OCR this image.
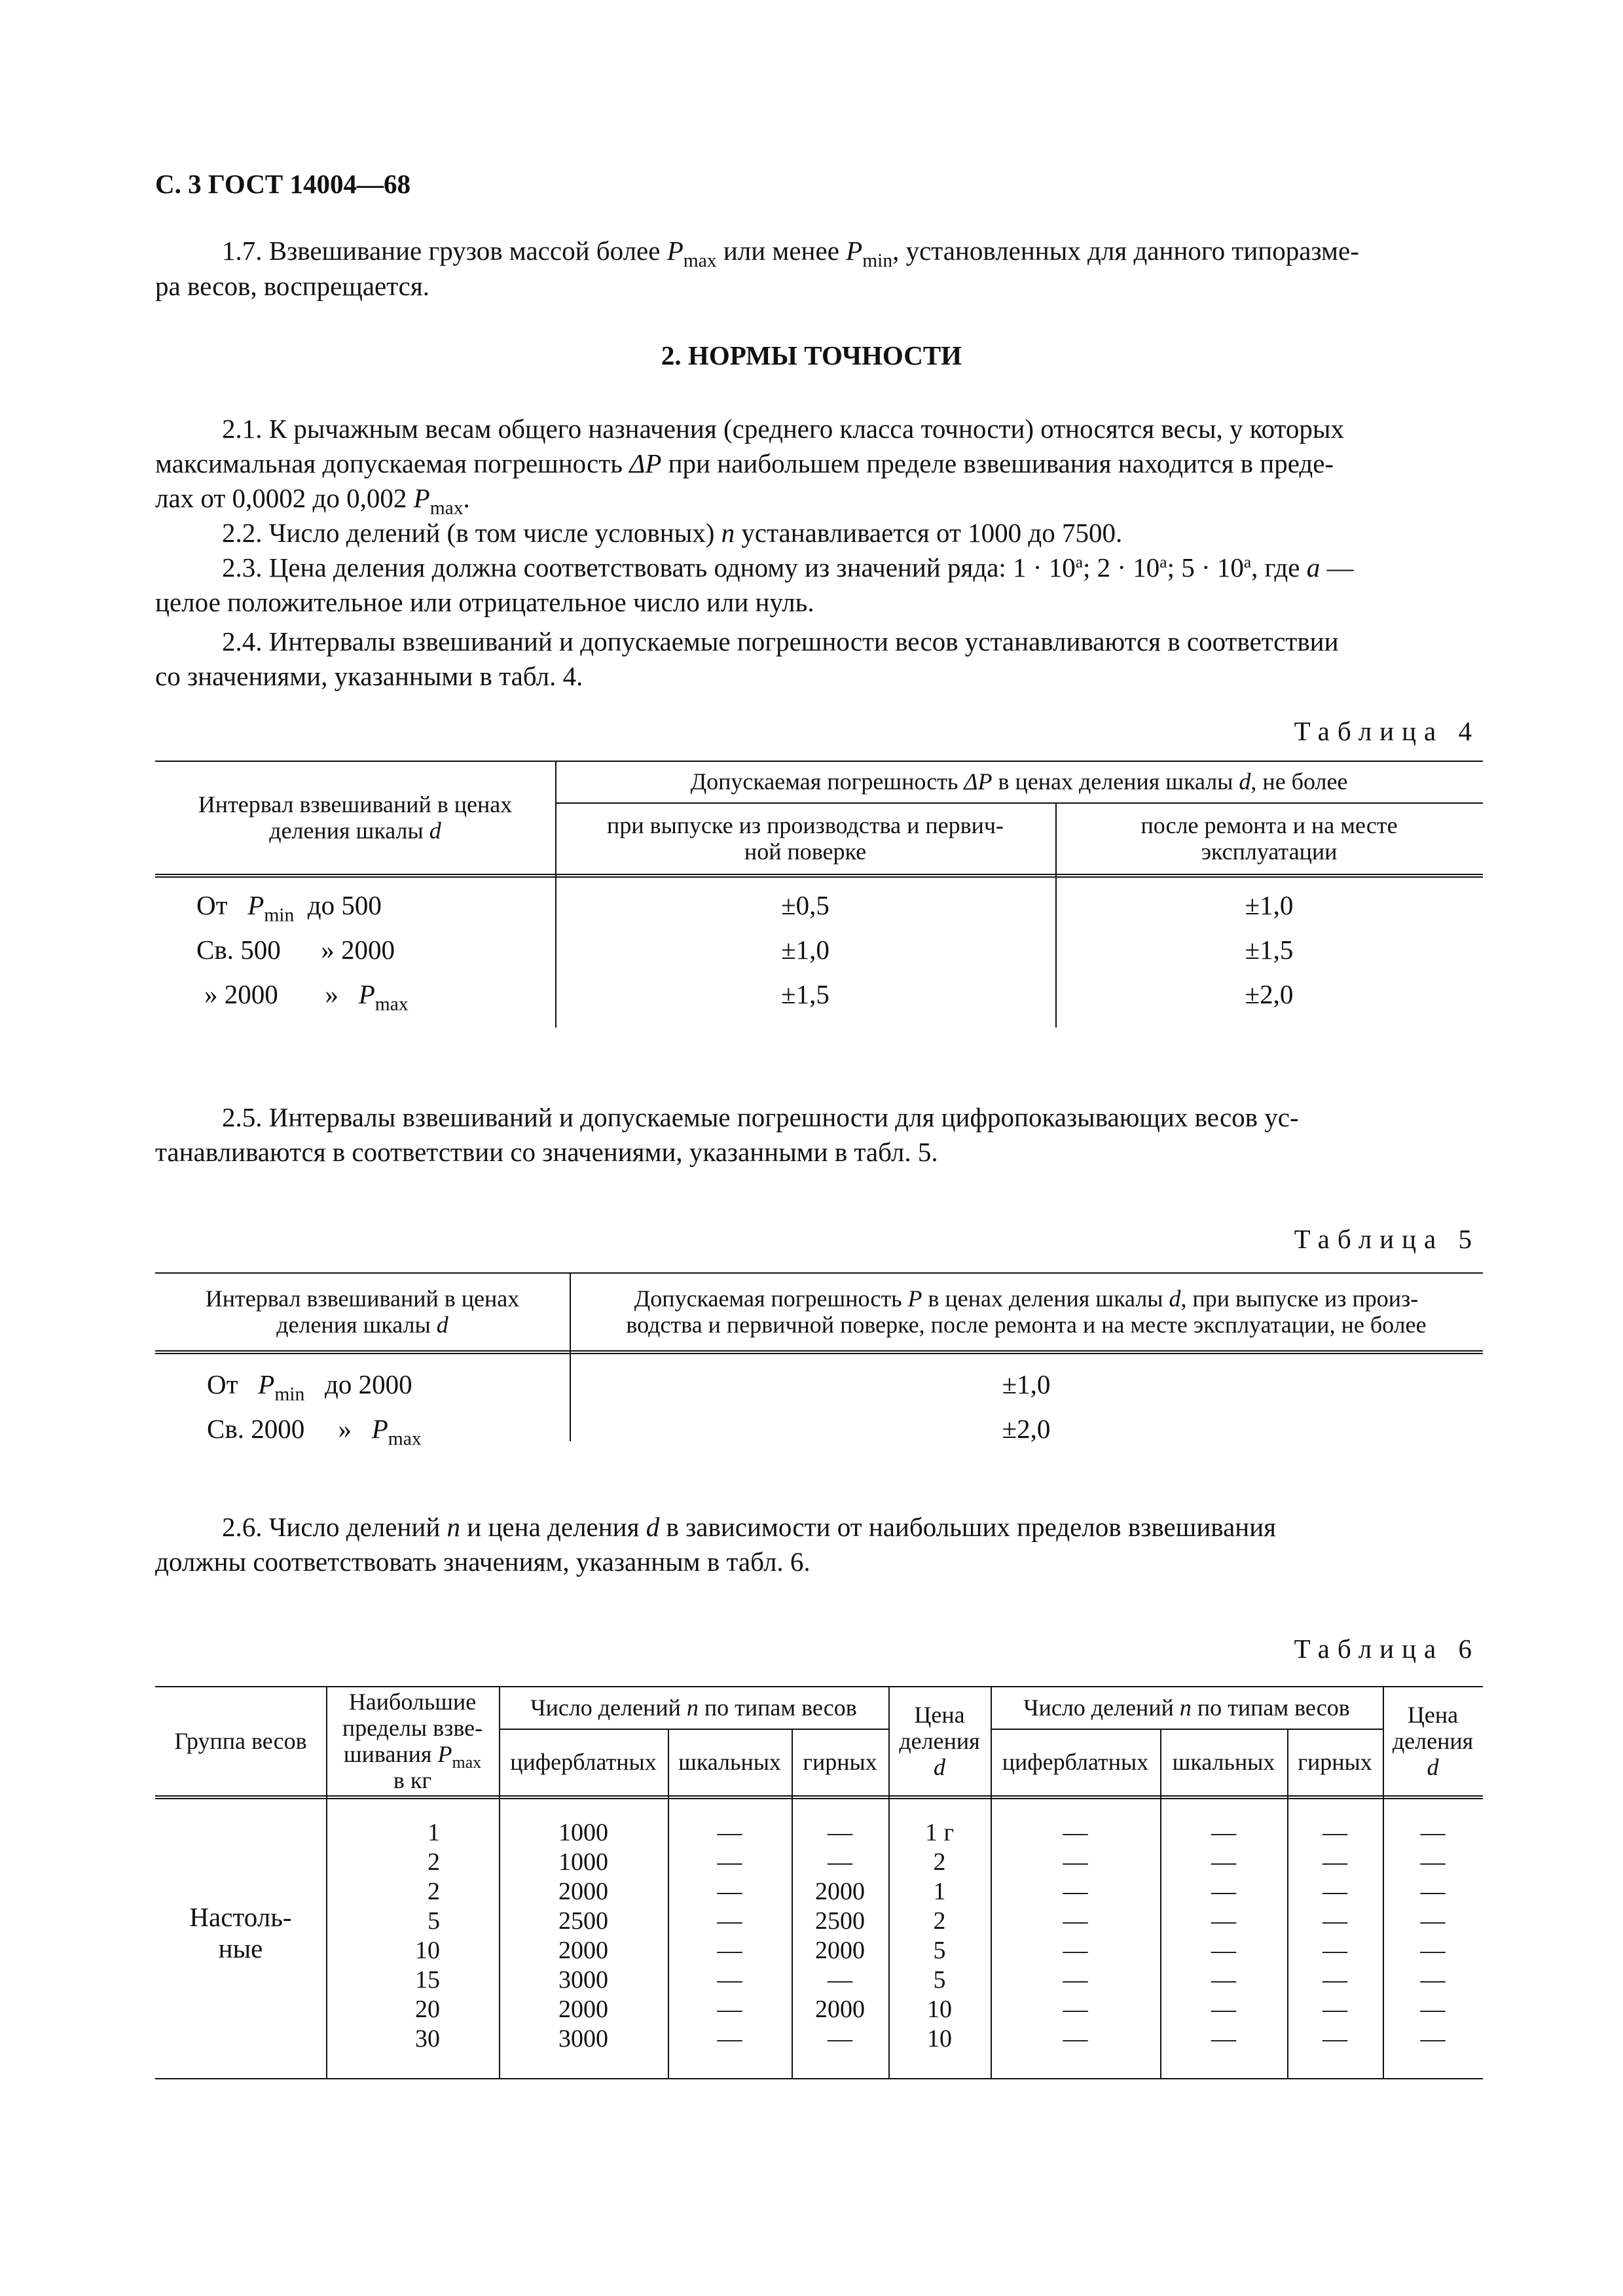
С. 3 ГОСТ 14004—68
1.7. Взвешивание грузов массой более $P_{max}$ или менее $P_{min}$, установленных для данного типоразме-
ра весов, воспрещается.
2. НОРМЫ ТОЧНОСТИ
2.1. К рычажным весам общего назначения (среднего класса точности) относятся весы, у которых
максимальная допускаемая погрешность ΔP при наибольшем пределе взвешивания находится в преде-
лах от 0,0002 до 0,002 $P_{max}$.
2.2. Число делений (в том числе условных) n устанавливается от 1000 до 7500.
2.3. Цена деления должна соответствовать одному из значений ряда: $1 \cdot 10^а$; $2 \cdot 10^а$; $5 \cdot 10^а$, где а —
целое положительное или отрицательное число или нуль.
2.4. Интервалы взвешиваний и допускаемые погрешности весов устанавливаются в соответствии
со значениями, указанными в табл. 4.
Таблица 4
Интервал взвешиваний в ценах
деления шкалы d
Допускаемая погрешность ΔP в ценах деления шкалы d, не более
при выпуске из производства и первич-
ной поверке
после ремонта и на месте
эксплуатации
От $P_{min}$ до 500	±0,5	±1,0
Св. 500 » 2000	±1,0	±1,5
» 2000 » $P_{max}$	±1,5	±2,0
2.5. Интервалы взвешиваний и допускаемые погрешности для цифропоказывающих весов ус-
танавливаются в соответствии со значениями, указанными в табл. 5.
Таблица 5
Интервал взвешиваний в ценах
деления шкалы d
Допускаемая погрешность P в ценах деления шкалы d, при выпуске из произ-
водства и первичной поверке, после ремонта и на месте эксплуатации, не более
От $P_{min}$ до 2000	±1,0
Св. 2000 » $P_{max}$	±2,0
2.6. Число делений n и цена деления d в зависимости от наибольших пределов взвешивания
должны соответствовать значениям, указанным в табл. 6.
Таблица 6
Группа весов
Наибольшие
пределы взве-
шивания $P_{max}$
в кг
Число делений n по типам весов
циферблатных шкальных гирных
Цена
деления
d
Число делений n по типам весов
циферблатных	шкальных гирных
Цена
деления
d
Настоль-
ные
1	1000	—	—	1 г	—	—	—	—
2	1000	—	—	2	—	—	—	—
2	2000	—	2000	1	—	—	—	—
5	2500	—	2500	2	—	—	—	—
10	2000	—	2000	5	—	—	—	—
15	3000	—	—	5	—	—	—	—
20	2000	—	2000	10	—	—	—	—
30	3000	—	—	10	—	—	—	—
